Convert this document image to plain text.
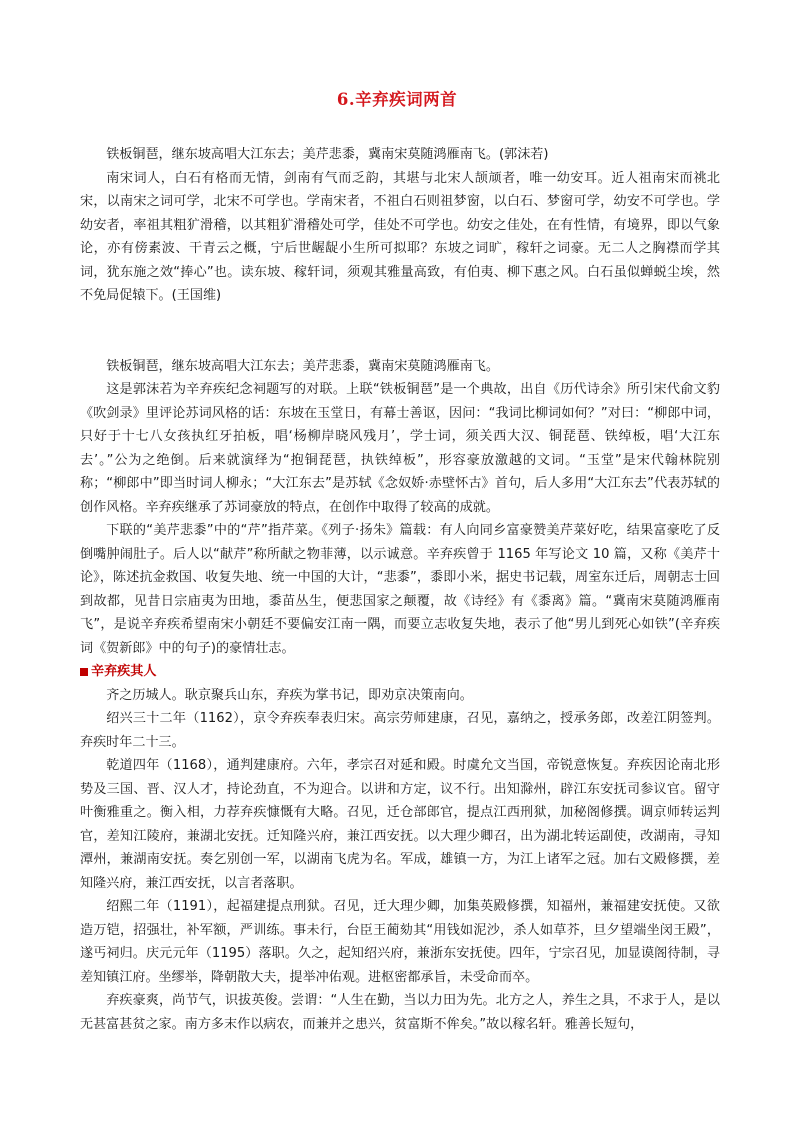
6.辛弃疾词两首

铁板铜琶，继东坡高唱大江东去；美芹悲黍，冀南宋莫随鸿雁南飞。(郭沫若)

南宋词人，白石有格而无情，剑南有气而乏韵，其堪与北宋人颉颃者，唯一幼安耳。近人祖南宋而祧北宋，以南宋之词可学，北宋不可学也。学南宋者，不祖白石则祖梦窗，以白石、梦窗可学，幼安不可学也。学幼安者，率祖其粗犷滑稽，以其粗犷滑稽处可学，佳处不可学也。幼安之佳处，在有性情，有境界，即以气象论，亦有傍素波、干青云之概，宁后世龌龊小生所可拟耶？东坡之词旷，稼轩之词豪。无二人之胸襟而学其词，犹东施之效“捧心”也。读东坡、稼轩词，须观其雅量高致，有伯夷、柳下惠之风。白石虽似蝉蜕尘埃，然不免局促辕下。(王国维)

铁板铜琶，继东坡高唱大江东去；美芹悲黍，冀南宋莫随鸿雁南飞。

这是郭沫若为辛弃疾纪念祠题写的对联。上联“铁板铜琶”是一个典故，出自《历代诗余》所引宋代俞文豹《吹剑录》里评论苏词风格的话：东坡在玉堂日，有幕士善讴，因问：“我词比柳词如何？”对曰：“柳郎中词，只好于十七八女孩执红牙拍板，唱‘杨柳岸晓风残月’，学士词，须关西大汉、铜琵琶、铁绰板，唱‘大江东去’。”公为之绝倒。后来就演绎为“抱铜琵琶，执铁绰板”，形容豪放激越的文词。“玉堂”是宋代翰林院别称；“柳郎中”即当时词人柳永；“大江东去”是苏轼《念奴娇·赤壁怀古》首句，后人多用“大江东去”代表苏轼的创作风格。辛弃疾继承了苏词豪放的特点，在创作中取得了较高的成就。

下联的“美芹悲黍”中的“芹”指芹菜。《列子·扬朱》篇载：有人向同乡富豪赞美芹菜好吃，结果富豪吃了反倒嘴肿闹肚子。后人以“献芹”称所献之物菲薄，以示诚意。辛弃疾曾于 1165 年写论文 10 篇，又称《美芹十论》，陈述抗金救国、收复失地、统一中国的大计，“悲黍”，黍即小米，据史书记载，周室东迁后，周朝志士回到故都，见昔日宗庙夷为田地，黍苗丛生，便悲国家之颠覆，故《诗经》有《黍离》篇。“冀南宋莫随鸿雁南飞”，是说辛弃疾希望南宋小朝廷不要偏安江南一隅，而要立志收复失地，表示了他“男儿到死心如铁”(辛弃疾词《贺新郎》中的句子)的豪情壮志。

辛弃疾其人

齐之历城人。耿京聚兵山东，弃疾为掌书记，即劝京决策南向。

绍兴三十二年（1162），京令弃疾奉表归宋。高宗劳师建康，召见，嘉纳之，授承务郎，改差江阴签判。弃疾时年二十三。

乾道四年（1168），通判建康府。六年，孝宗召对延和殿。时虞允文当国，帝锐意恢复。弃疾因论南北形势及三国、晋、汉人才，持论劲直，不为迎合。以讲和方定，议不行。出知滁州，辟江东安抚司参议官。留守叶衡雅重之。衡入相，力荐弃疾慷慨有大略。召见，迁仓部郎官，提点江西刑狱，加秘阁修撰。调京师转运判官，差知江陵府，兼湖北安抚。迁知隆兴府，兼江西安抚。以大理少卿召，出为湖北转运副使，改湖南，寻知潭州，兼湖南安抚。奏乞别创一军，以湖南飞虎为名。军成，雄镇一方，为江上诸军之冠。加右文殿修撰，差知隆兴府，兼江西安抚，以言者落职。

绍熙二年（1191），起福建提点刑狱。召见，迁大理少卿，加集英殿修撰，知福州，兼福建安抚使。又欲造万铠，招强壮，补军额，严训练。事未行，台臣王蔺劾其“用钱如泥沙，杀人如草芥，旦夕望端坐闵王殿”，遂丐祠归。庆元元年（1195）落职。久之，起知绍兴府，兼浙东安抚使。四年，宁宗召见，加显谟阁待制，寻差知镇江府。坐缪举，降朝散大夫，提举冲佑观。进枢密都承旨，未受命而卒。

弃疾豪爽，尚节气，识拔英俊。尝谓：“人生在勤，当以力田为先。北方之人，养生之具，不求于人，是以无甚富甚贫之家。南方多末作以病农，而兼并之患兴，贫富斯不侔矣。”故以稼名轩。雅善长短句，
